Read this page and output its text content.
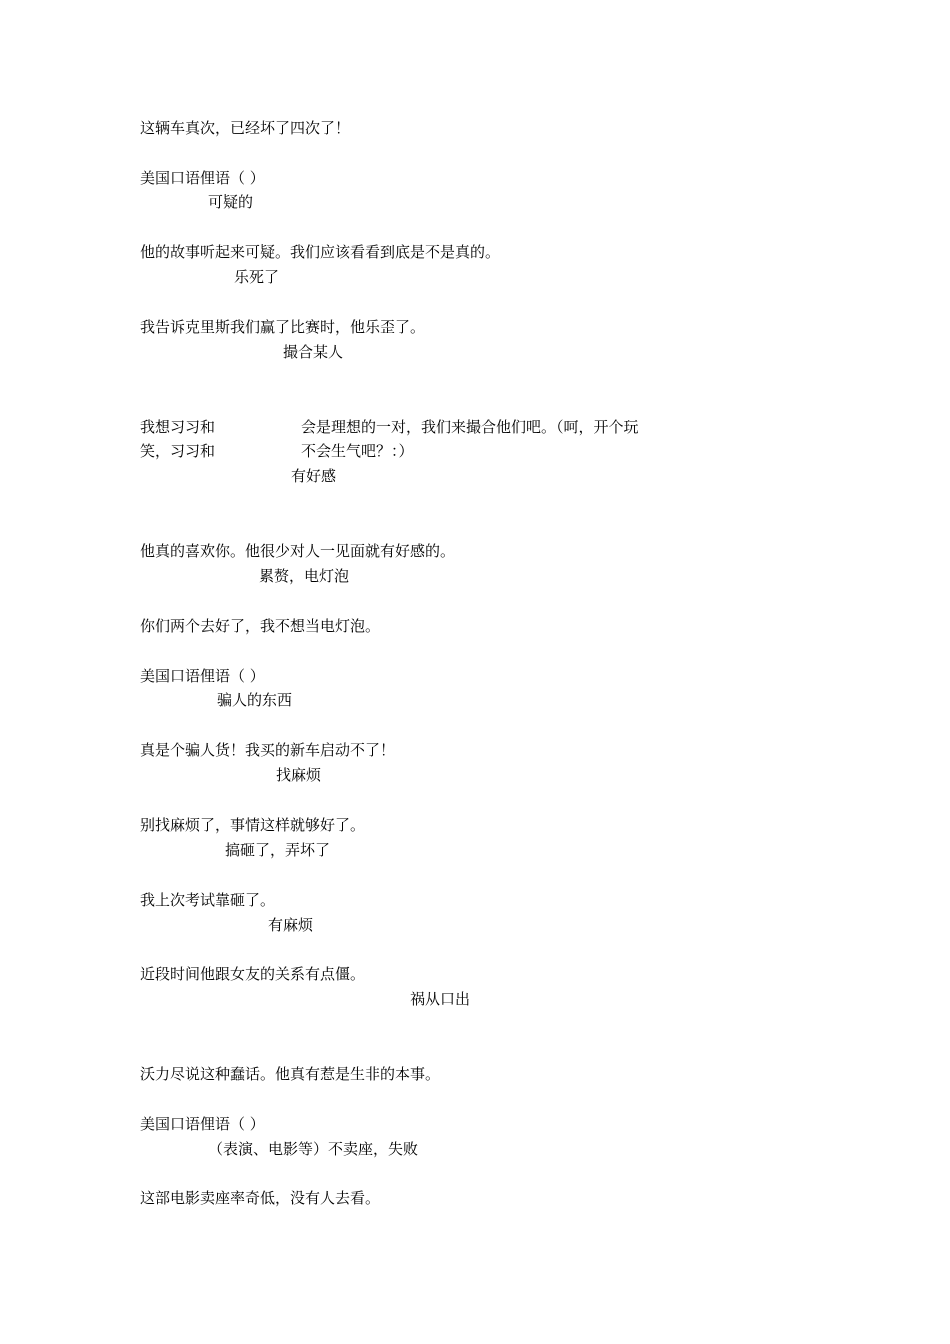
这辆车真次，已经坏了四次了！
美国口语俚语（ ）
可疑的
他的故事听起来可疑。我们应该看看到底是不是真的。
乐死了
我告诉克里斯我们赢了比赛时，他乐歪了。
撮合某人
我想习习和	会是理想的一对，我们来撮合他们吧。（呵，开个玩
笑，习习和	不会生气吧？：）
有好感
他真的喜欢你。他很少对人一见面就有好感的。
累赘，电灯泡
你们两个去好了，我不想当电灯泡。
美国口语俚语（ ）
骗人的东西
真是个骗人货！我买的新车启动不了！
找麻烦
别找麻烦了，事情这样就够好了。
搞砸了，弄坏了
我上次考试靠砸了。
有麻烦
近段时间他跟女友的关系有点僵。
祸从口出
沃力尽说这种蠢话。他真有惹是生非的本事。
美国口语俚语（ ）
（表演、电影等）不卖座，失败
这部电影卖座率奇低，没有人去看。
